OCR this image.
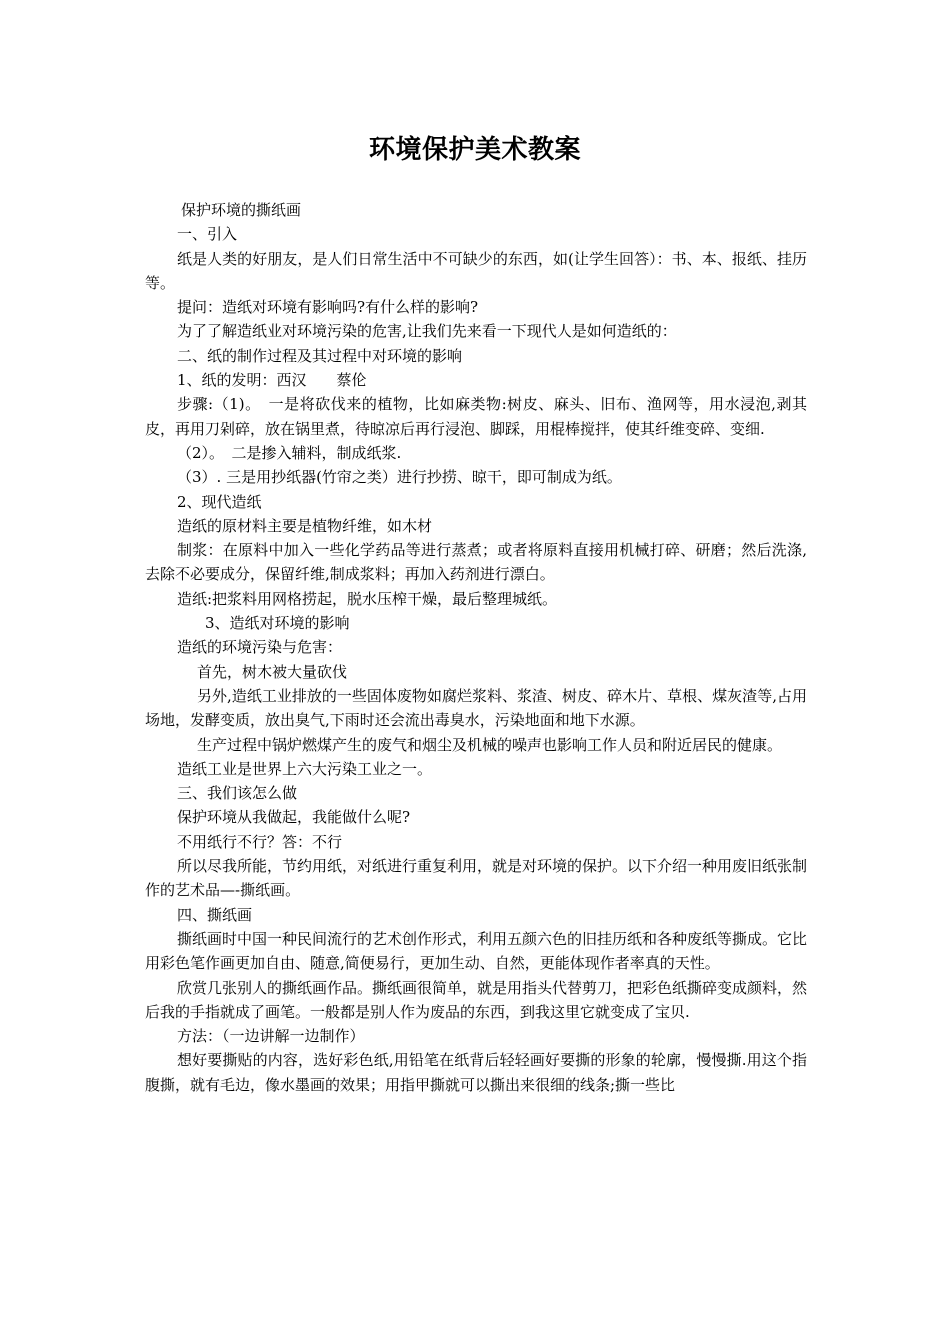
环境保护美术教案

保护环境的撕纸画

一、引入

纸是人类的好朋友，是人们日常生活中不可缺少的东西，如(让学生回答）：书、本、报纸、挂历等。

提问：造纸对环境有影响吗?有什么样的影响?

为了了解造纸业对环境污染的危害,让我们先来看一下现代人是如何造纸的：

二、纸的制作过程及其过程中对环境的影响

1、纸的发明：西汉　　蔡伦

步骤:（1)。　一是将砍伐来的植物，比如麻类物:树皮、麻头、旧布、渔网等，用水浸泡,剥其皮，再用刀剁碎，放在锅里煮，待晾凉后再行浸泡、脚踩，用棍棒搅拌，使其纤维变碎、变细.

（2）。　二是掺入辅料，制成纸浆.

（3）. 三是用抄纸器(竹帘之类）进行抄捞、晾干，即可制成为纸。

2、现代造纸

造纸的原材料主要是植物纤维，如木材

制浆：在原料中加入一些化学药品等进行蒸煮；或者将原料直接用机械打碎、研磨；然后洗涤,去除不必要成分，保留纤维,制成浆料；再加入药剂进行漂白。

造纸:把浆料用网格捞起，脱水压榨干燥，最后整理城纸。

3、造纸对环境的影响

造纸的环境污染与危害：

首先，树木被大量砍伐

另外,造纸工业排放的一些固体废物如腐烂浆料、浆渣、树皮、碎木片、草根、煤灰渣等,占用场地，发酵变质，放出臭气,下雨时还会流出毒臭水，污染地面和地下水源。

生产过程中锅炉燃煤产生的废气和烟尘及机械的噪声也影响工作人员和附近居民的健康。

造纸工业是世界上六大污染工业之一。

三、我们该怎么做

保护环境从我做起，我能做什么呢?

不用纸行不行？答：不行

所以尽我所能，节约用纸，对纸进行重复利用，就是对环境的保护。以下介绍一种用废旧纸张制作的艺术品—-撕纸画。

四、撕纸画

撕纸画时中国一种民间流行的艺术创作形式，利用五颜六色的旧挂历纸和各种废纸等撕成。它比用彩色笔作画更加自由、随意,简便易行，更加生动、自然，更能体现作者率真的天性。

欣赏几张别人的撕纸画作品。撕纸画很简单，就是用指头代替剪刀，把彩色纸撕碎变成颜料，然后我的手指就成了画笔。一般都是别人作为废品的东西，到我这里它就变成了宝贝.

方法：（一边讲解一边制作）

想好要撕贴的内容，选好彩色纸,用铅笔在纸背后轻轻画好要撕的形象的轮廓，慢慢撕.用这个指腹撕，就有毛边，像水墨画的效果；用指甲撕就可以撕出来很细的线条;撕一些比
